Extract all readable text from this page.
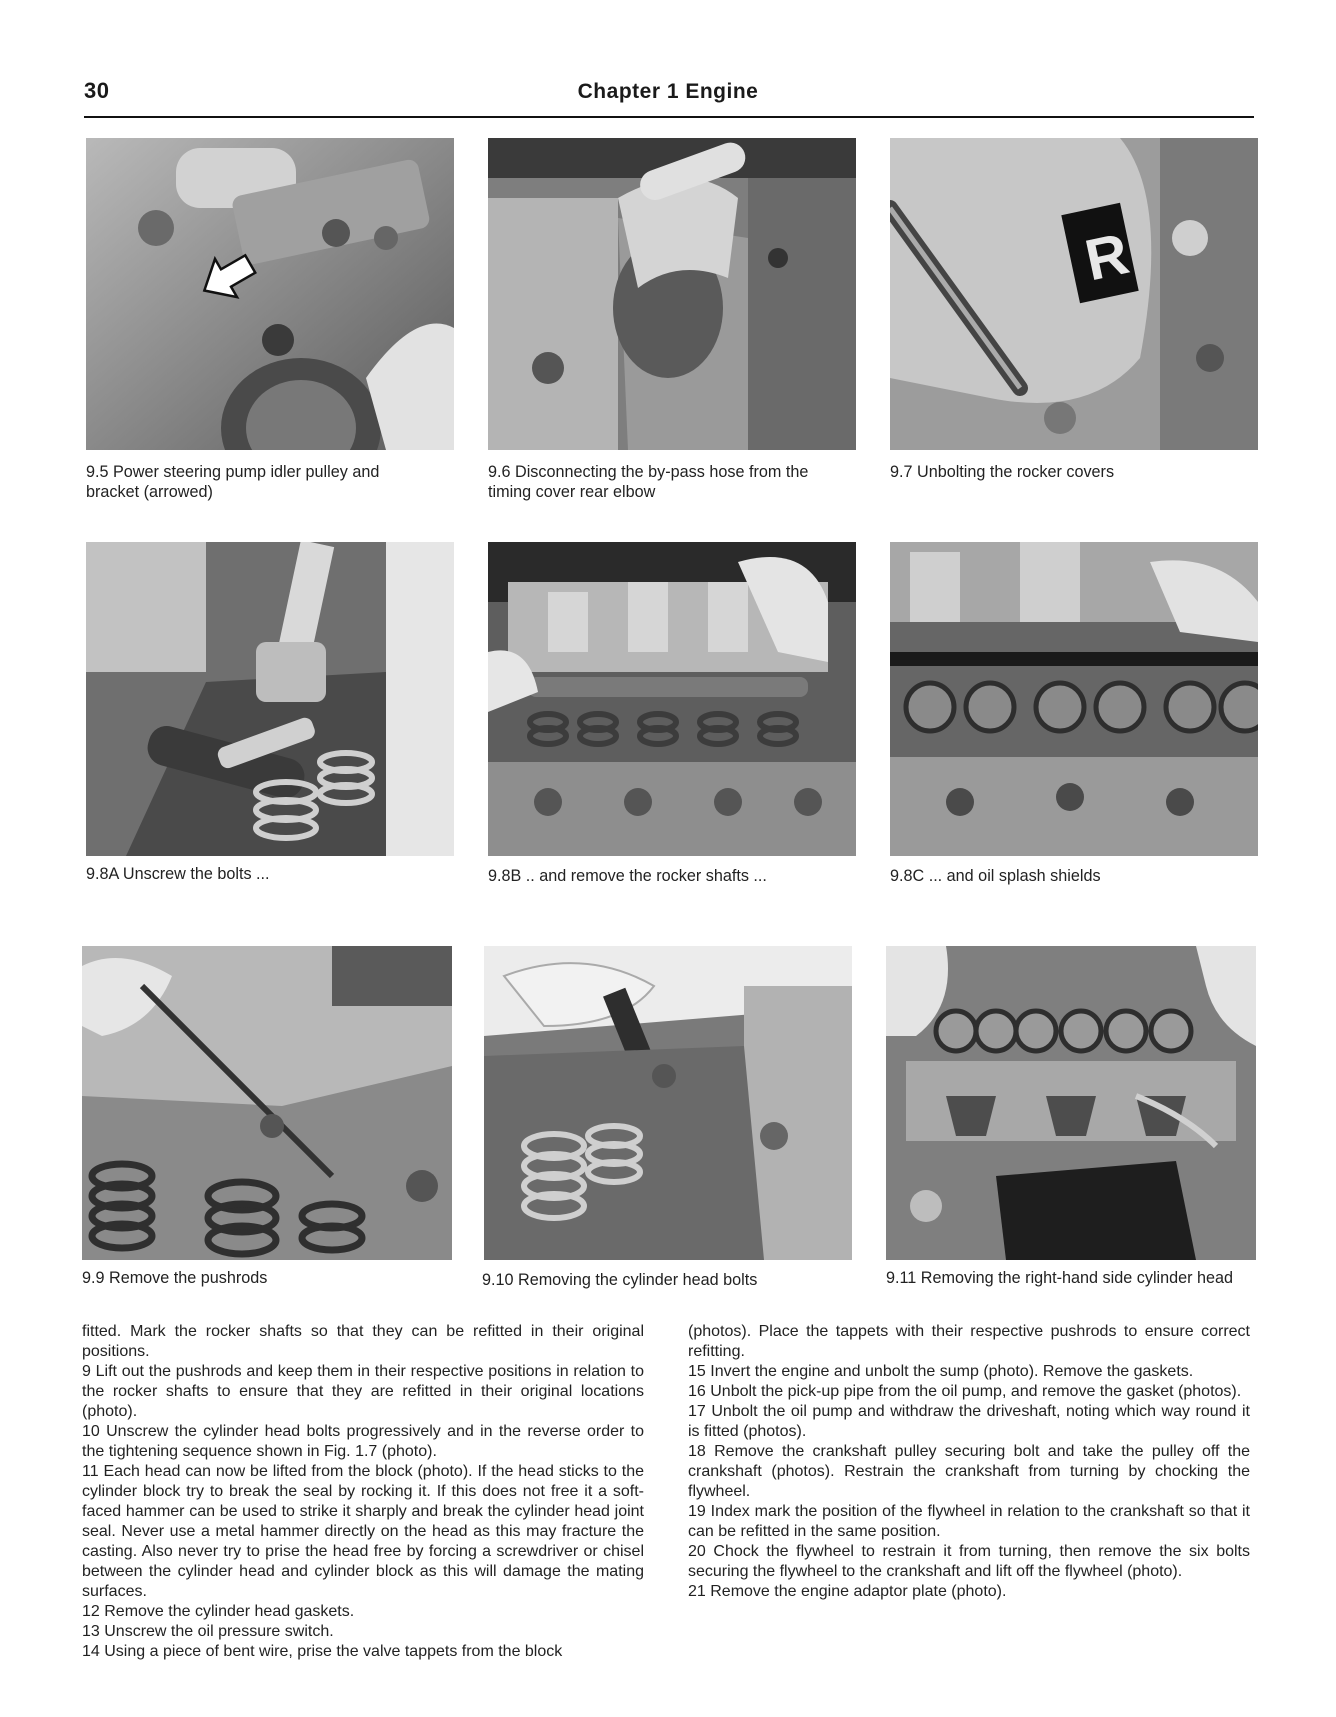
30	Chapter 1 Engine
R
9.5 Power steering pump idler pulley and bracket (arrowed)
9.6 Disconnecting the by-pass hose from the timing cover rear elbow
9.7 Unbolting the rocker covers
9.8A Unscrew the bolts ...	9.8B .. and remove the rocker shafts ...	9.8C ... and oil splash shields
9.9 Remove the pushrods	9.10 Removing the cylinder head bolts	9.11 Removing the right-hand side cylinder head

fitted. Mark the rocker shafts so that they can be refitted in their original positions.

9 Lift out the pushrods and keep them in their respective positions in relation to the rocker shafts to ensure that they are refitted in their original locations (photo).

10 Unscrew the cylinder head bolts progressively and in the reverse order to the tightening sequence shown in Fig. 1.7 (photo).

11 Each head can now be lifted from the block (photo). If the head sticks to the cylinder block try to break the seal by rocking it. If this does not free it a soft-faced hammer can be used to strike it sharply and break the cylinder head joint seal. Never use a metal hammer directly on the head as this may fracture the casting. Also never try to prise the head free by forcing a screwdriver or chisel between the cylinder head and cylinder block as this will damage the mating surfaces.

12 Remove the cylinder head gaskets.

13 Unscrew the oil pressure switch.

14 Using a piece of bent wire, prise the valve tappets from the block

(photos). Place the tappets with their respective pushrods to ensure correct refitting.

15 Invert the engine and unbolt the sump (photo). Remove the gaskets.

16 Unbolt the pick-up pipe from the oil pump, and remove the gasket (photos).

17 Unbolt the oil pump and withdraw the driveshaft, noting which way round it is fitted (photos).

18 Remove the crankshaft pulley securing bolt and take the pulley off the crankshaft (photos). Restrain the crankshaft from turning by chocking the flywheel.

19 Index mark the position of the flywheel in relation to the crankshaft so that it can be refitted in the same position.

20 Chock the flywheel to restrain it from turning, then remove the six bolts securing the flywheel to the crankshaft and lift off the flywheel (photo).

21 Remove the engine adaptor plate (photo).
